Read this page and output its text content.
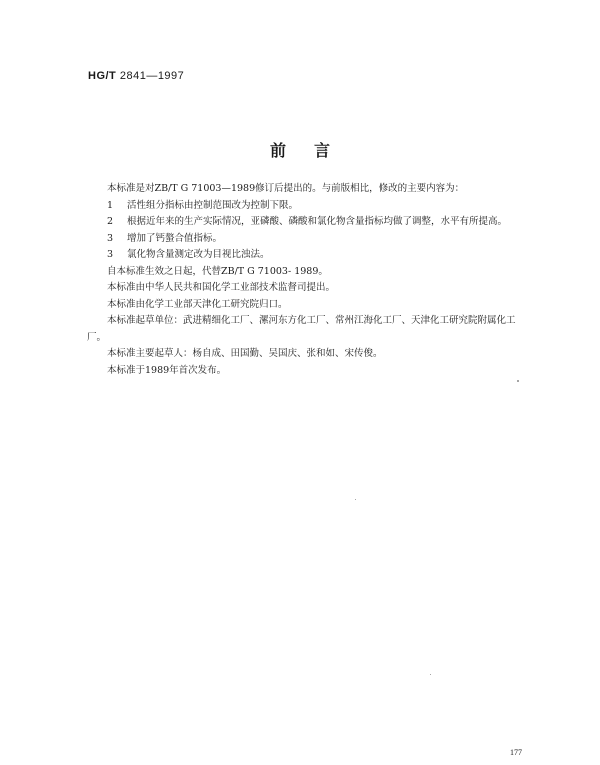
HG/T 2841—1997
前言

本标准是对ZB/T G 71003—1989修订后提出的。与前版相比，修改的主要内容为：

1 活性组分指标由控制范围改为控制下限。

2 根据近年来的生产实际情况，亚磷酸、磷酸和氯化物含量指标均做了调整，水平有所提高。

3 增加了钙螯合值指标。

3 氯化物含量测定改为目视比浊法。

自本标准生效之日起，代替ZB/T G 71003- 1989。

本标准由中华人民共和国化学工业部技术监督司提出。

本标准由化学工业部天津化工研究院归口。

本标准起草单位：武进精细化工厂、漯河东方化工厂、常州江海化工厂、天津化工研究院附属化工厂。

本标准主要起草人：杨自成、田国勤、吴国庆、张和如、宋传俊。

本标准于1989年首次发布。

177
